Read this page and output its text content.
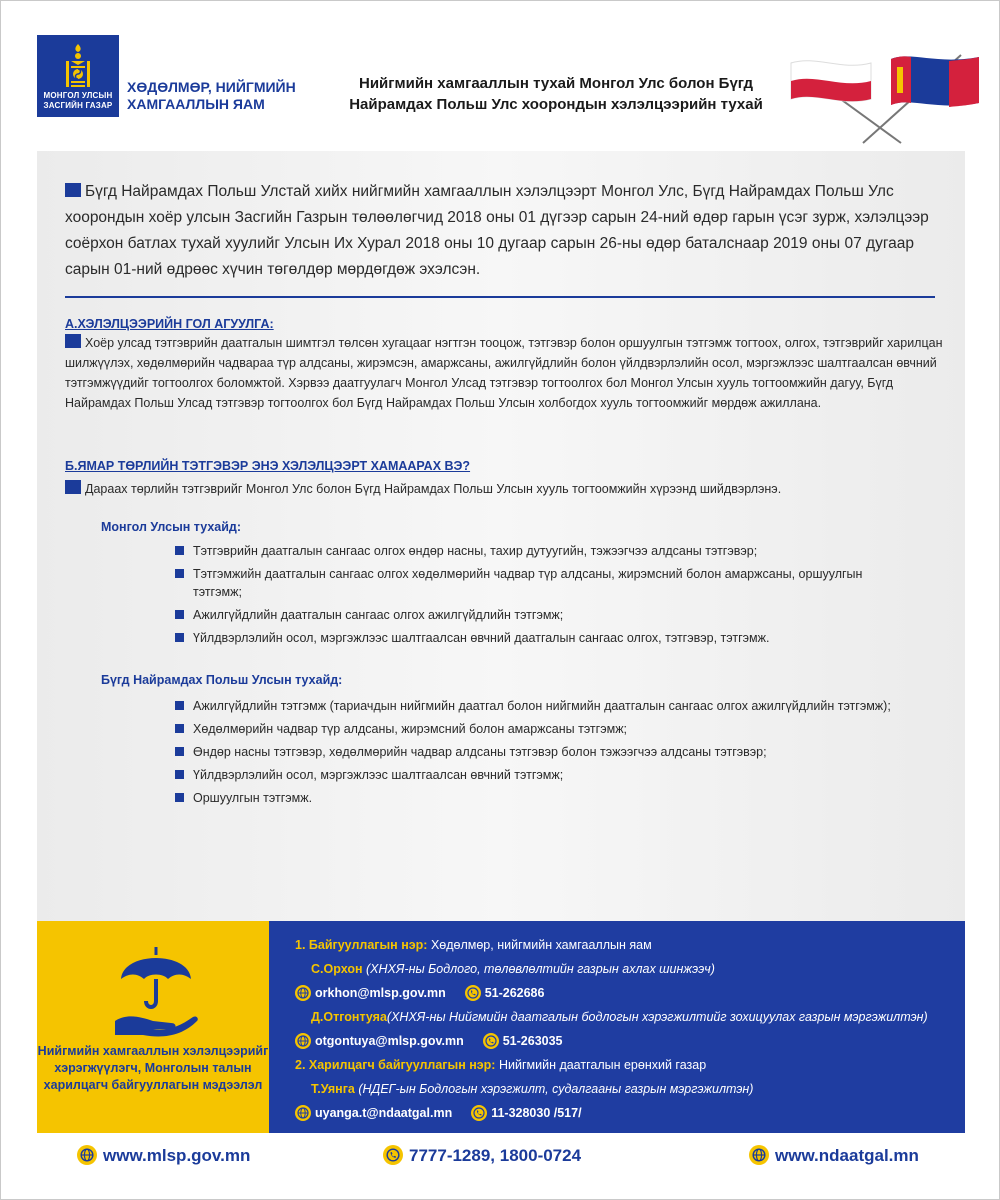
МОНГОЛ УЛСЫН
ЗАСГИЙН ГАЗАР
ХӨДӨЛМӨР, НИЙГМИЙН
ХАМГААЛЛЫН ЯАМ
Нийгмийн хамгааллын тухай Монгол Улс болон Бүгд
Найрамдах Польш Улс хоорондын хэлэлцээрийн тухай
Бүгд Найрамдах Польш Улстай хийх нийгмийн хамгааллын хэлэлцээрт Монгол Улс, Бүгд Найрамдах Польш Улс хоорондын хоёр улсын Засгийн Газрын төлөөлөгчид 2018 оны 01 дүгээр сарын 24-ний өдөр гарын үсэг зурж, хэлэлцээр соёрхон батлах тухай хуулийг Улсын Их Хурал 2018 оны 10 дугаар сарын 26-ны өдөр баталснаар 2019 оны 07 дугаар сарын 01-ний өдрөөс хүчин төгөлдөр мөрдөгдөж эхэлсэн.
А.ХЭЛЭЛЦЭЭРИЙН ГОЛ АГУУЛГА:
Хоёр улсад тэтгэврийн даатгалын шимтгэл төлсөн хугацааг нэгтгэн тооцож, тэтгэвэр болон оршуулгын тэтгэмж тогтоох, олгох, тэтгэврийг харилцан шилжүүлэх, хөдөлмөрийн чадвараа түр алдсаны, жирэмсэн, амаржсаны, ажилгүйдлийн болон үйлдвэрлэлийн осол, мэргэжлээс шалтгаалсан өвчний тэтгэмжүүдийг тогтоолгох боломжтой. Хэрвээ даатгуулагч Монгол Улсад тэтгэвэр тогтоолгох бол Монгол Улсын хууль тогтоомжийн дагуу, Бүгд Найрамдах Польш Улсад тэтгэвэр тогтоолгох бол Бүгд Найрамдах Польш Улсын холбогдох хууль тогтоомжийг мөрдөж ажиллана.
Б.ЯМАР ТӨРЛИЙН ТЭТГЭВЭР ЭНЭ ХЭЛЭЛЦЭЭРТ ХАМААРАХ ВЭ?
Дараах төрлийн тэтгэврийг Монгол Улс болон Бүгд Найрамдах Польш Улсын хууль тогтоомжийн хүрээнд шийдвэрлэнэ.
Монгол Улсын тухайд:
Тэтгэврийн даатгалын сангаас олгох өндөр насны, тахир дутуугийн, тэжээгчээ алдсаны тэтгэвэр;
Тэтгэмжийн даатгалын сангаас олгох хөдөлмөрийн чадвар түр алдсаны, жирэмсний болон амаржсаны, оршуулгын тэтгэмж;
Ажилгүйдлийн даатгалын сангаас олгох ажилгүйдлийн тэтгэмж;
Үйлдвэрлэлийн осол, мэргэжлээс шалтгаалсан өвчний даатгалын сангаас олгох, тэтгэвэр, тэтгэмж.
Бүгд Найрамдах Польш Улсын тухайд:
Ажилгүйдлийн тэтгэмж (тариачдын нийгмийн даатгал болон нийгмийн даатгалын сангаас олгох ажилгүйдлийн тэтгэмж);
Хөдөлмөрийн чадвар түр алдсаны, жирэмсний болон амаржсаны тэтгэмж;
Өндөр насны тэтгэвэр, хөдөлмөрийн чадвар алдсаны тэтгэвэр болон тэжээгчээ алдсаны тэтгэвэр;
Үйлдвэрлэлийн осол, мэргэжлээс шалтгаалсан өвчний тэтгэмж;
Оршуулгын тэтгэмж.
Нийгмийн хамгааллын хэлэлцээрийг хэрэгжүүлэгч, Монголын талын харилцагч байгууллагын мэдээлэл
1. Байгууллагын нэр: Хөдөлмөр, нийгмийн хамгааллын яам
С.Орхон (ХНХЯ-ны Бодлого, төлөвлөлтийн газрын ахлах шинжээч)
orkhon@mlsp.gov.mn	51-262686
Д.Отгонтуяа(ХНХЯ-ны Нийгмийн даатгалын бодлогын хэрэгжилтийг зохицуулах газрын мэргэжилтэн)
otgontuya@mlsp.gov.mn	51-263035
2. Харилцагч байгууллагын нэр: Нийгмийн даатгалын ерөнхий газар
Т.Уянга (НДЕГ-ын Бодлогын хэрэгжилт, судалгааны газрын мэргэжилтэн)
uyanga.t@ndaatgal.mn	11-328030 /517/
www.mlsp.gov.mn	7777-1289, 1800-0724	www.ndaatgal.mn
